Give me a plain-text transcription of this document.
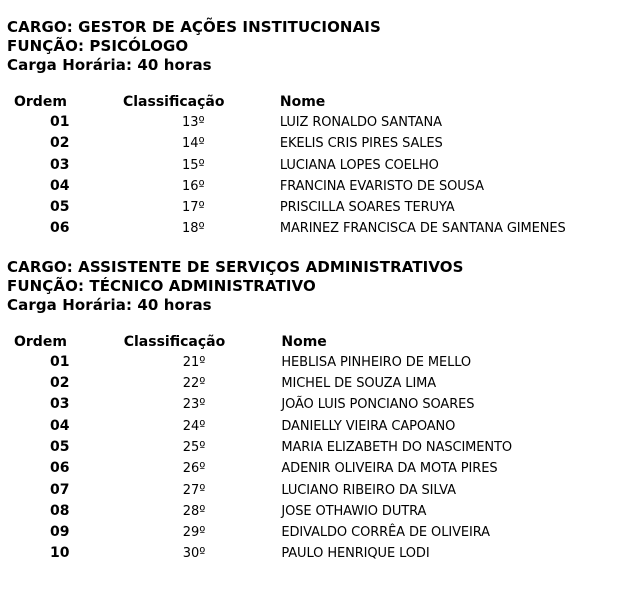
CARGO: GESTOR DE AÇÕES INSTITUCIONAIS
FUNÇÃO: PSICÓLOGO
Carga Horária: 40 horas
Ordem	Classificação	Nome
01	13º	LUIZ RONALDO SANTANA
02	14º	EKELIS CRIS PIRES SALES
03	15º	LUCIANA LOPES COELHO
04	16º	FRANCINA EVARISTO DE SOUSA
05	17º	PRISCILLA SOARES TERUYA
06	18º	MARINEZ FRANCISCA DE SANTANA GIMENES
CARGO: ASSISTENTE DE SERVIÇOS ADMINISTRATIVOS
FUNÇÃO: TÉCNICO ADMINISTRATIVO
Carga Horária: 40 horas
Ordem	Classificação	Nome
01	21º	HEBLISA PINHEIRO DE MELLO
02	22º	MICHEL DE SOUZA LIMA
03	23º	JOÃO LUIS PONCIANO SOARES
04	24º	DANIELLY VIEIRA CAPOANO
05	25º	MARIA ELIZABETH DO NASCIMENTO
06	26º	ADENIR OLIVEIRA DA MOTA PIRES
07	27º	LUCIANO RIBEIRO DA SILVA
08	28º	JOSE OTHAWIO DUTRA
09	29º	EDIVALDO CORRÊA DE OLIVEIRA
10	30º	PAULO HENRIQUE LODI
